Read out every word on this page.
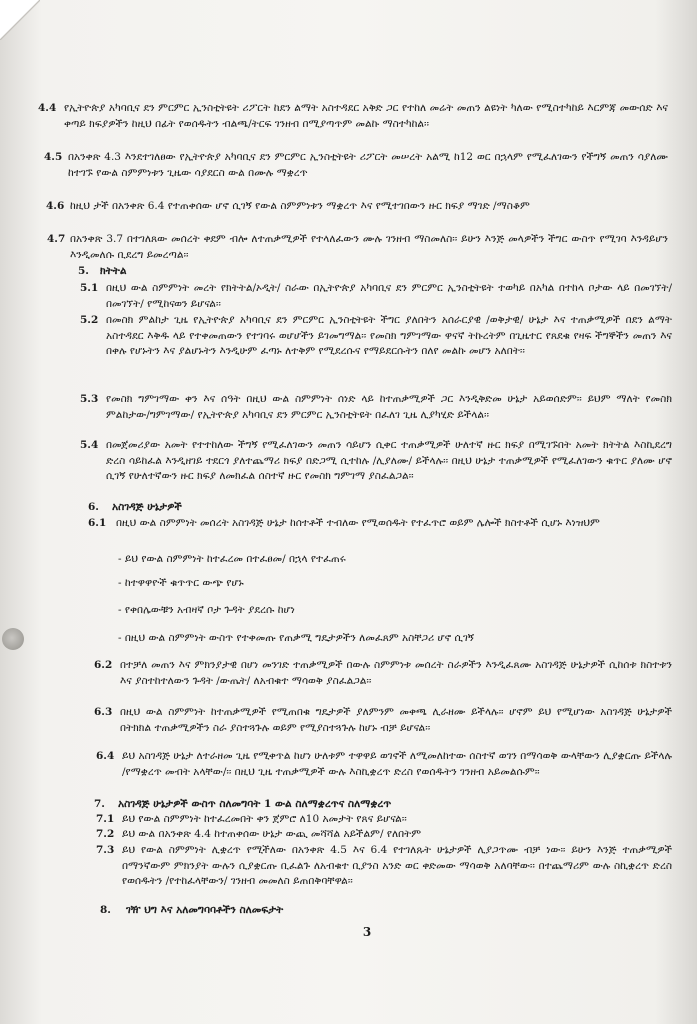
4.4 የኢትዮጵያ አካባቢና ደን ምርምር ኢንስቲትዩት ሪፖርት ከደን ልማት አስተዳደር አቅድ ጋር የተከለ መሬት መጠን ልዩነት ካለው የሚስተካከይ እርምጃ መውሰድ እና ቀጣይ ክፍያዎችን ከዚህ በፊት የወሰዱትን ብልጫ/ትርፍ ገንዘብ በሚያጣጥም መልኩ ማስተካከል፡፡
4.5 በአንቀጽ 4.3 እንደተገለፀው የኢትዮጵያ አካባቢና ደን ምርምር ኢንስቲትዩት ሪፖርት መሠረት አልሚ ከ12 ወር በኋላም የሚፈለገውን የችግኝ መጠን ሳያለሙ ከተገኙ የውል ስምምነቱን ጊዜው ሳያደርስ ውል በሙሉ ማቋረጥ
4.6 ከዚህ ታች በአንቀጽ 6.4 የተጠቀሰው ሆኖ ሲገኝ የውል ስምምነቱን ማቋረጥ እና የሚተገበውን ዙር ክፍያ ማገድ /ማስቆም
4.7 በአንቀጽ 3.7 በተገለጸው መሰረት ቀደም ብሎ ለተጠቃሚዎች የተላለፈውን ሙሉ ገንዘብ ማስመለስ፡፡ ይሁን እንጅ መላዎችን ችግር ውስጥ የሚገባ እንዳይሆን እንዲመለሱ ቢደረግ ይመረጣል፡፡
5. ክትትል
5.1 በዚህ ውል ስምምነት መረት የክትትል/ኦዲት/ ስራው በኢትዮጵያ አካባቢና ደን ምርምር ኢንስቲትዩት ተወካይ በአካል በተከላ ቦታው ላይ በመገኘት/በመገኘት/ የሚከናወን ይሆናል፡፡
5.2 በመስክ ምልከታ ጊዜ የኢትዮጵያ አካባቢና ደን ምርምር ኢንስቲትዩት ችግር ያለበትን አሰራርያዊ /ወቅታዊ/ ሁኔታ እና ተጠቃሚዎች በደን ልማት አስተዳደር እቅዱ ላይ የተቀመጠውን የተገባሩ ወሆሆችን ይገመግማል፡፡ የመስክ ግምገማው ዋናኛ ትኩረትም በጊዜተር የጸደቁ የዛፍ ችግኞችን መጠን እና በቀሉ የሆኑትን እና ያልሆኑትን እንዲሁም ፈጣኑ ለተቅም የሚደረሱና የማይደርሱትን በለየ መልኩ መሆን አለበት፡፡
5.3 የመስክ ግምገማው ቀን እና ሰዓት በዚህ ውል ስምምነት ሰነድ ላይ ከተጠቃሚዎች ጋር እንዲቅድመ ሁኔታ አይወሰድም፡፡ ይህም ማለት የመስክ ምልከታው/ግምገማው/ የኢትዮጵያ አካባቢና ደን ምርምር ኢንስቲትዩት በፈለገ ጊዜ ሊያካሂድ ይችላል፡፡
5.4 በመጀመሪያው አመት የተተከለው ችግኝ የሚፈለገውን መጠን ሳይሆን ሲቀር ተጠቃሚዎች ሁለተኛ ዙር ክፍያ በሚገኙበት አመት ክትትል እስኪደረግ ድረስ ሳይከፈል እንዲዘገይ ተደርጎ ያለተጨማሪ ክፍያ በድጋሚ ሲተከሉ /ሊያለሙ/ ይችላሉ፡፡ በዚህ ሁኔታ ተጠቃሚዎች የሚፈለገውን ቁጥር ያለሙ ሆኖ ሲገኝ የሁለተኛውን ዙር ክፍያ ለመክፈል ሰስተኛ ዙር የመስክ ግምገማ ያስፈልጋል፡፡
6. አስገዳጅ ሁኔታዎች
6.1 በዚህ ውል ስምምነት መሰረት አስገዳጅ ሁኔታ ከሰተቶች ተብለው የሚወሰዱት የተፈጥሮ ወይም ሌሎች ክስተቶች ሲሆኑ እነዝህም
- ይህ የውል ስምምነት ከተፈረመ በተፈፀመ/ በኋላ የተፈጠሩ
- ከተዋዋዮች ቁጥጥር ውጭ የሆኑ
- የቀበሌውቹን አብዛኛ ቦታ ጉዳት ያደረሱ ከሆነ
- በዚህ ውል ስምምነት ውስጥ የተቀመጡ የጠቃሚ ግዴታዎችን ለመፈጸም አስቸጋሪ ሆኖ ሲገኝ
6.2 በተቻለ መጠን እና ምክንያታዊ በሆነ መንገድ ተጠቃሚዎች በውሉ ስምምነቱ መሰረት ስራዎችን እንዲፈጸሙ አስገዳጅ ሁኔታዎች ሲከሰቱ ክስተቱን እና ያስተከተለውን ጉዳት /ውጤት/ ለአብቁተ ማሳወቅ ያስፈልጋል፡፡
6.3 በዚህ ውል ስምምነት ከተጠቃሚዎች የሚጠበቁ ግዴታዎች ያለምንም መቀጫ ሊራዘሙ ይችላሉ፡፡ ሆኖም ይህ የሚሆነው አስገዳጅ ሁኔታዎች በትክክል ተጠቃሚዎችን ስራ ያስተጓጉሉ ወይም የሚያስተጓጉሉ ከሆኑ ብቻ ይሆናል፡፡
6.4 ይህ አስገዳጅ ሁኔታ ለተራዘመ ጊዜ የሚቀጥል ከሆነ ሁለቱም ተዋዋይ ወገኖች ለሚመለከተው ሰስተኛ ወገን በማሳወቅ ውላቸውን ሊያቋርጡ ይችላሉ /የማቋረጥ መብት አላቸው/፡፡ በዚህ ጊዜ ተጠቃሚዎች ውሉ እስኪቋረጥ ድረስ የወሰዱትን ገንዘብ አይመልሱም፡፡
7. አስገዳጅ ሁኔታዎች ውስጥ ስለመግባት 1 ውል ስለማቋረጥና ስለማቋረጥ
7.1 ይህ የውል ስምምነት ከተፈረመበት ቀን ጀምሮ ለ10 አመታት የጸና ይሆናል፡፡
7.2 ይህ ውል በአንቀጽ 4.4 ከተጠቀሰው ሁኔታ ውጪ መሻሻል አይችልም/ የለበትም
7.3 ይህ የውል ስምምነት ሊቋረጥ የሚችለው በአንቀጽ 4.5 እና 6.4 የተገለጹት ሁኔታዎች ሊያጋጥሙ ብቻ ነው፡፡ ይሁን እንጅ ተጠቃሚዎች በማንኛውም ምክንያት ውሉን ሲያቋርጡ ቢፈልጉ ለአብቁተ ቢያንስ አንድ ወር ቀድመው ማሳወቅ አለባቸው፡፡ በተጨማሪም ውሉ ስኪቋረጥ ድረስ የወሰዱትን /የተከፈላቸውን/ ገንዘብ መመለስ ይጠበቅባቸዋል፡፡
8. ገዥ ህግ እና አለመግባባቶችን ስለመፍታት
3
